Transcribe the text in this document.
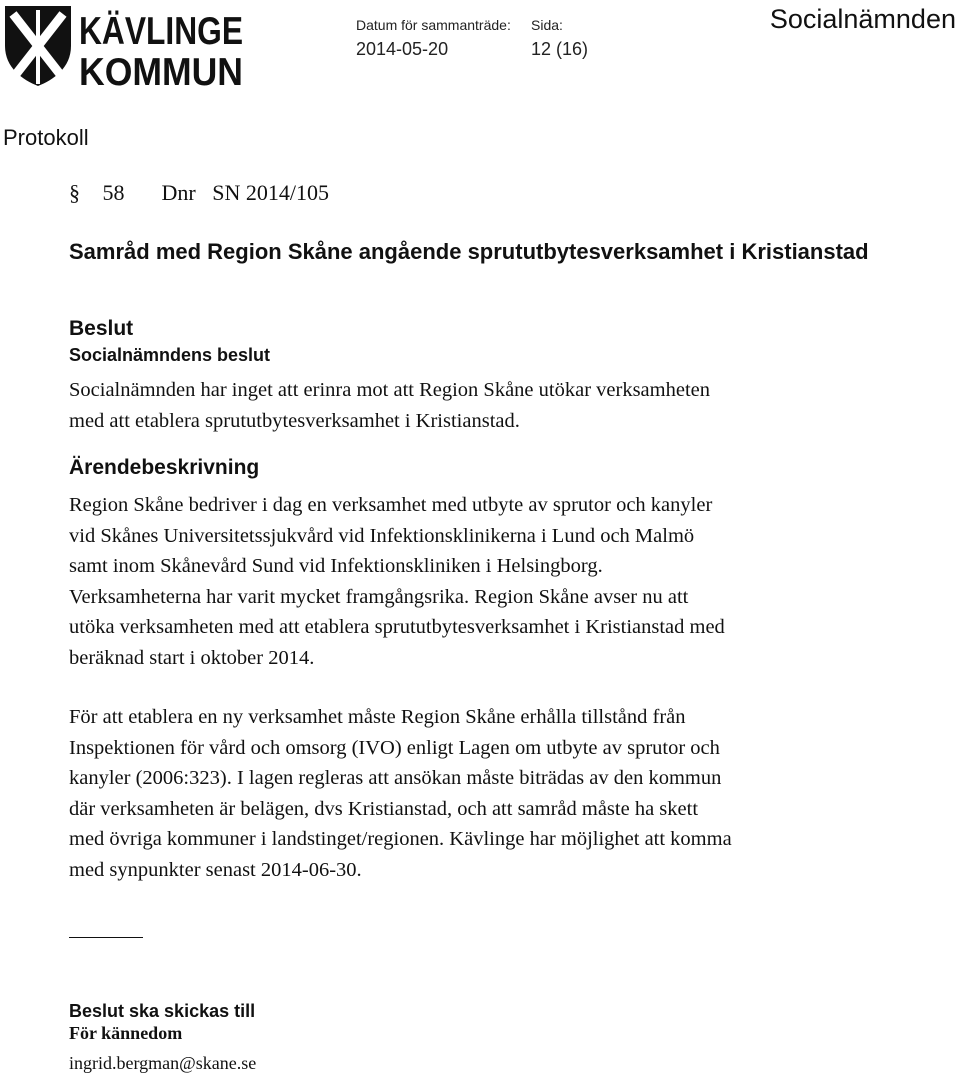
KÄVLINGE
KOMMUN
Datum för sammanträde:
2014-05-20
Sida:
12 (16)
Socialnämnden
Protokoll
§ 58 Dnr   SN 2014/105
Samråd med Region Skåne angående sprututbytesverksamhet i Kristianstad
Beslut
Socialnämndens beslut
Socialnämnden har inget att erinra mot att Region Skåne utökar verksamheten
med att etablera sprututbytesverksamhet i Kristianstad.
Ärendebeskrivning
Region Skåne bedriver i dag en verksamhet med utbyte av sprutor och kanyler
vid Skånes Universitetssjukvård vid Infektionsklinikerna i Lund och Malmö
samt inom Skånevård Sund vid Infektionskliniken i Helsingborg.
Verksamheterna har varit mycket framgångsrika. Region Skåne avser nu att
utöka verksamheten med att etablera sprututbytesverksamhet i Kristianstad med
beräknad start i oktober 2014.
För att etablera en ny verksamhet måste Region Skåne erhålla tillstånd från
Inspektionen för vård och omsorg (IVO) enligt Lagen om utbyte av sprutor och
kanyler (2006:323). I lagen regleras att ansökan måste biträdas av den kommun
där verksamheten är belägen, dvs Kristianstad, och att samråd måste ha skett
med övriga kommuner i landstinget/regionen. Kävlinge har möjlighet att komma
med synpunkter senast 2014-06-30.
Beslut ska skickas till
För kännedom
ingrid.bergman@skane.se
